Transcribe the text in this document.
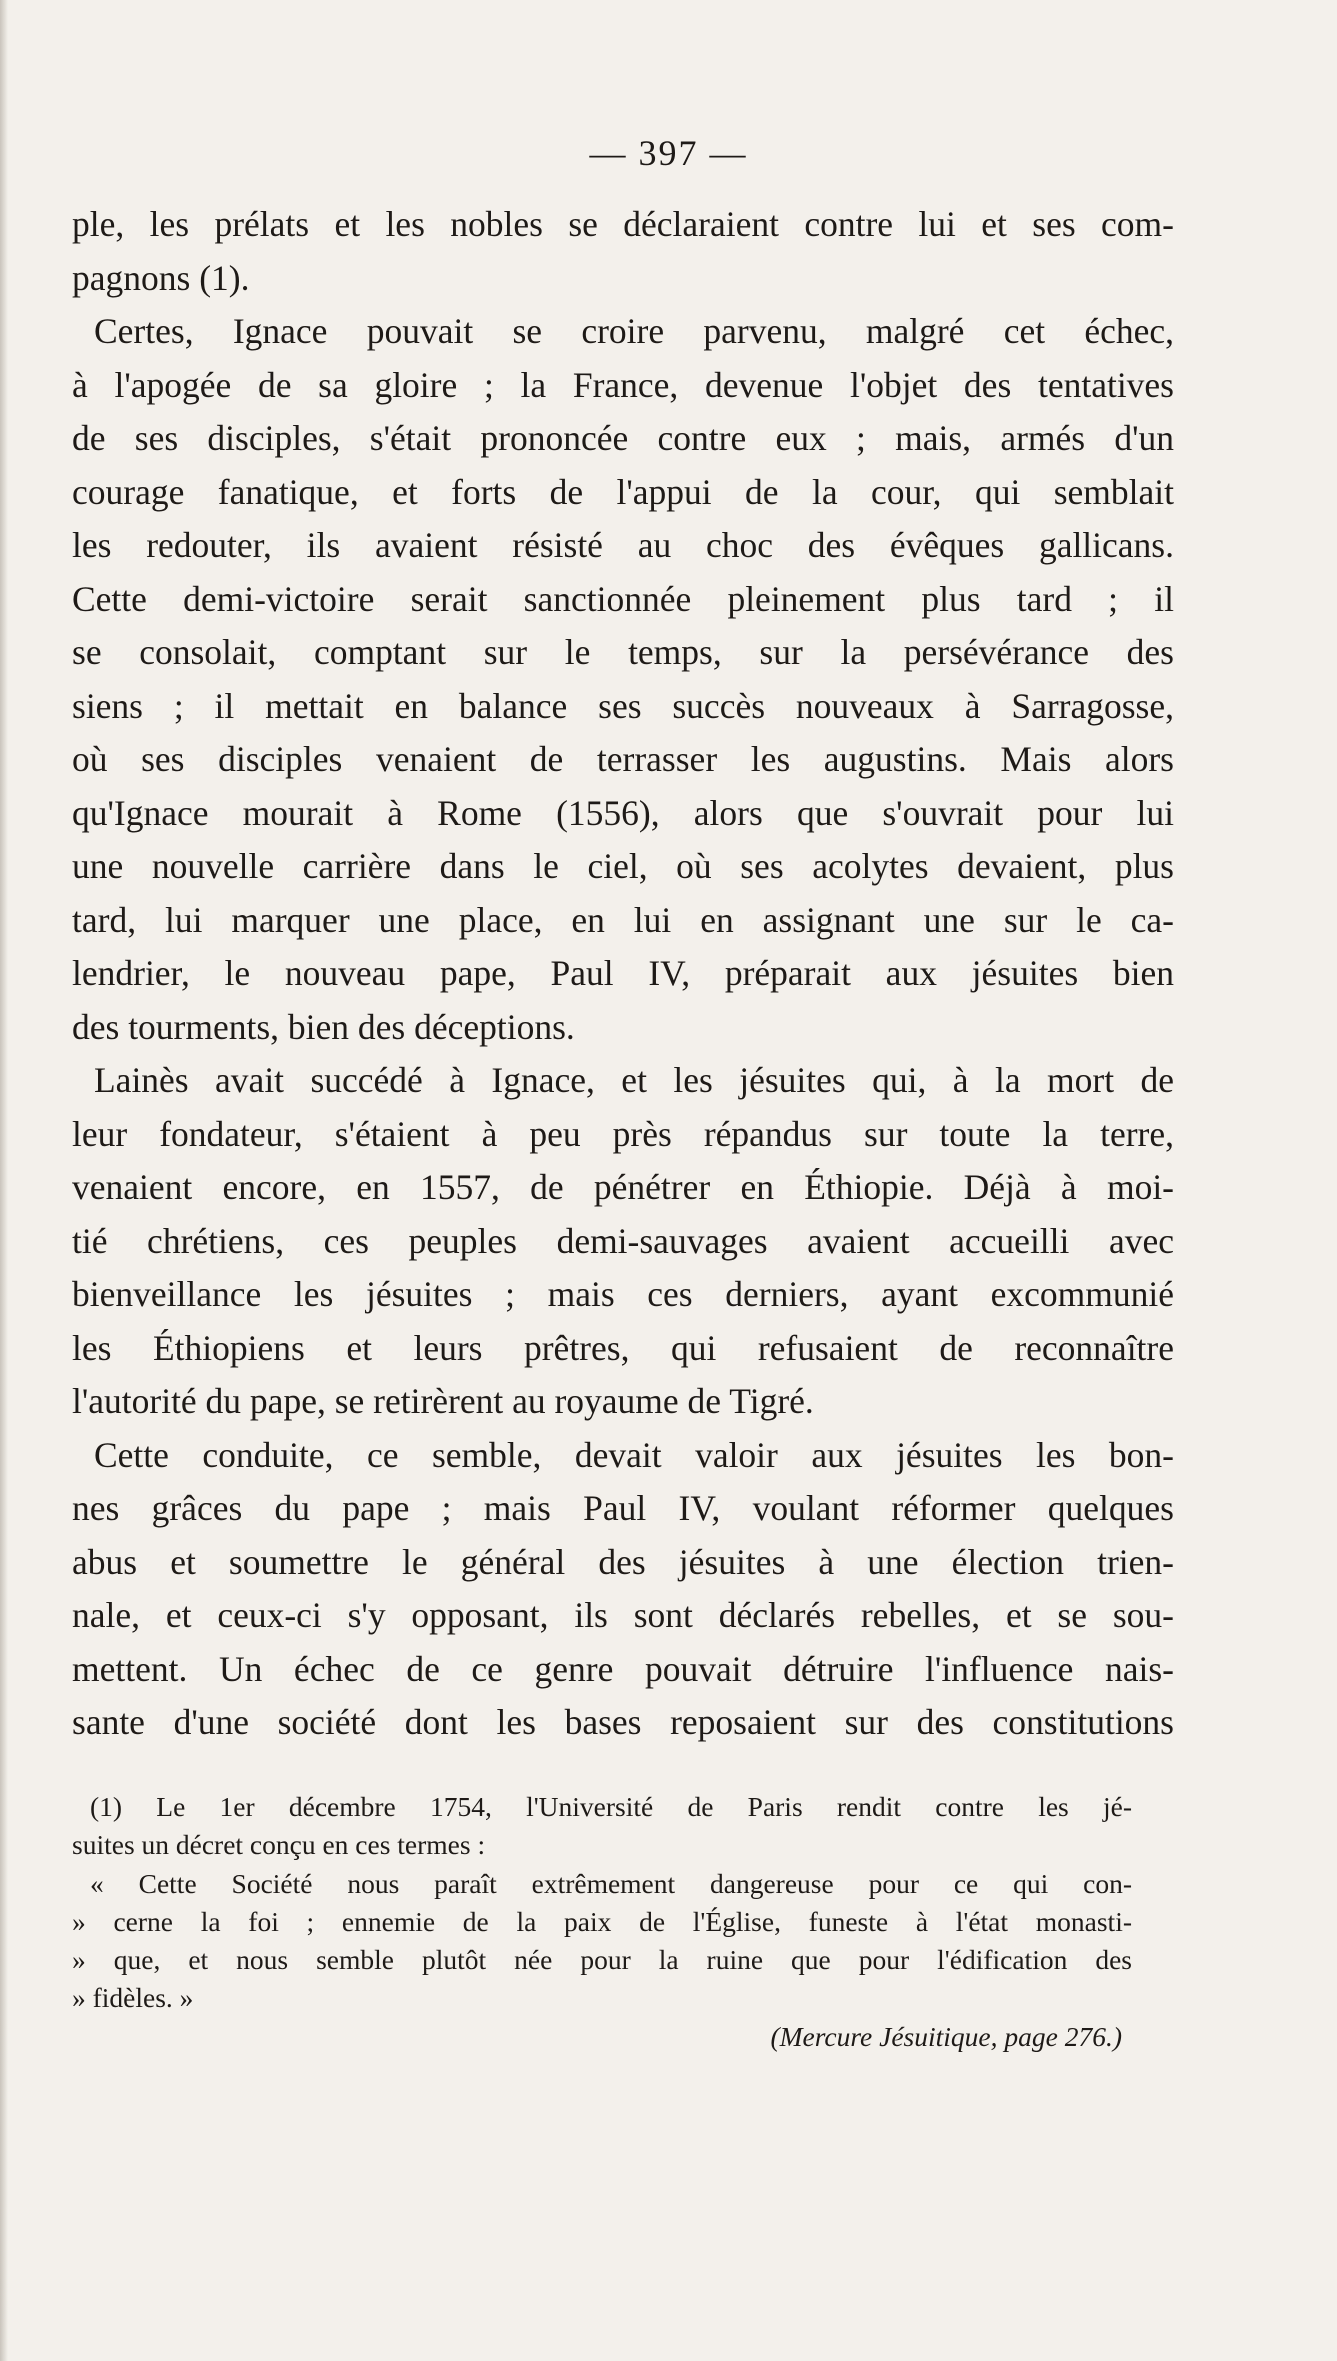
— 397 —
ple, les prélats et les nobles se déclaraient contre lui et ses com-
pagnons (1).
Certes, Ignace pouvait se croire parvenu, malgré cet échec,
à l'apogée de sa gloire ; la France, devenue l'objet des tentatives
de ses disciples, s'était prononcée contre eux ; mais, armés d'un
courage fanatique, et forts de l'appui de la cour, qui semblait
les redouter, ils avaient résisté au choc des évêques gallicans.
Cette demi-victoire serait sanctionnée pleinement plus tard ; il
se consolait, comptant sur le temps, sur la persévérance des
siens ; il mettait en balance ses succès nouveaux à Sarragosse,
où ses disciples venaient de terrasser les augustins. Mais alors
qu'Ignace mourait à Rome (1556), alors que s'ouvrait pour lui
une nouvelle carrière dans le ciel, où ses acolytes devaient, plus
tard, lui marquer une place, en lui en assignant une sur le ca-
lendrier, le nouveau pape, Paul IV, préparait aux jésuites bien
des tourments, bien des déceptions.
Lainès avait succédé à Ignace, et les jésuites qui, à la mort de
leur fondateur, s'étaient à peu près répandus sur toute la terre,
venaient encore, en 1557, de pénétrer en Éthiopie. Déjà à moi-
tié chrétiens, ces peuples demi-sauvages avaient accueilli avec
bienveillance les jésuites ; mais ces derniers, ayant excommunié
les Éthiopiens et leurs prêtres, qui refusaient de reconnaître
l'autorité du pape, se retirèrent au royaume de Tigré.
Cette conduite, ce semble, devait valoir aux jésuites les bon-
nes grâces du pape ; mais Paul IV, voulant réformer quelques
abus et soumettre le général des jésuites à une élection trien-
nale, et ceux-ci s'y opposant, ils sont déclarés rebelles, et se sou-
mettent. Un échec de ce genre pouvait détruire l'influence nais-
sante d'une société dont les bases reposaient sur des constitutions
(1) Le 1er décembre 1754, l'Université de Paris rendit contre les jé-
suites un décret conçu en ces termes :
« Cette Société nous paraît extrêmement dangereuse pour ce qui con-
» cerne la foi ; ennemie de la paix de l'Église, funeste à l'état monasti-
» que, et nous semble plutôt née pour la ruine que pour l'édification des
» fidèles. »
(Mercure Jésuitique, page 276.)
